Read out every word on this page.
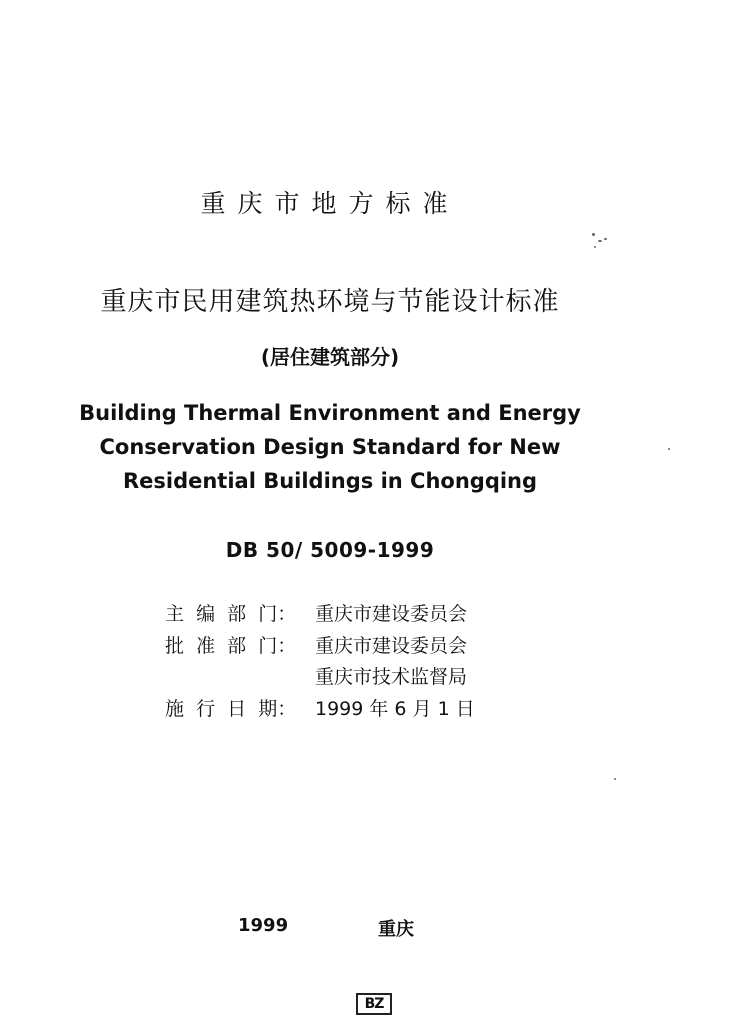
重庆市地方标准
重庆市民用建筑热环境与节能设计标准
(居住建筑部分)
Building Thermal Environment and Energy
Conservation Design Standard for New
Residential Buildings in Chongqing
DB 50/ 5009-1999
主  编  部  门： 重庆市建设委员会
批  准  部  门： 重庆市建设委员会
重庆市技术监督局
施  行  日  期： 1999 年 6 月 1 日
1999	重庆
BZ
